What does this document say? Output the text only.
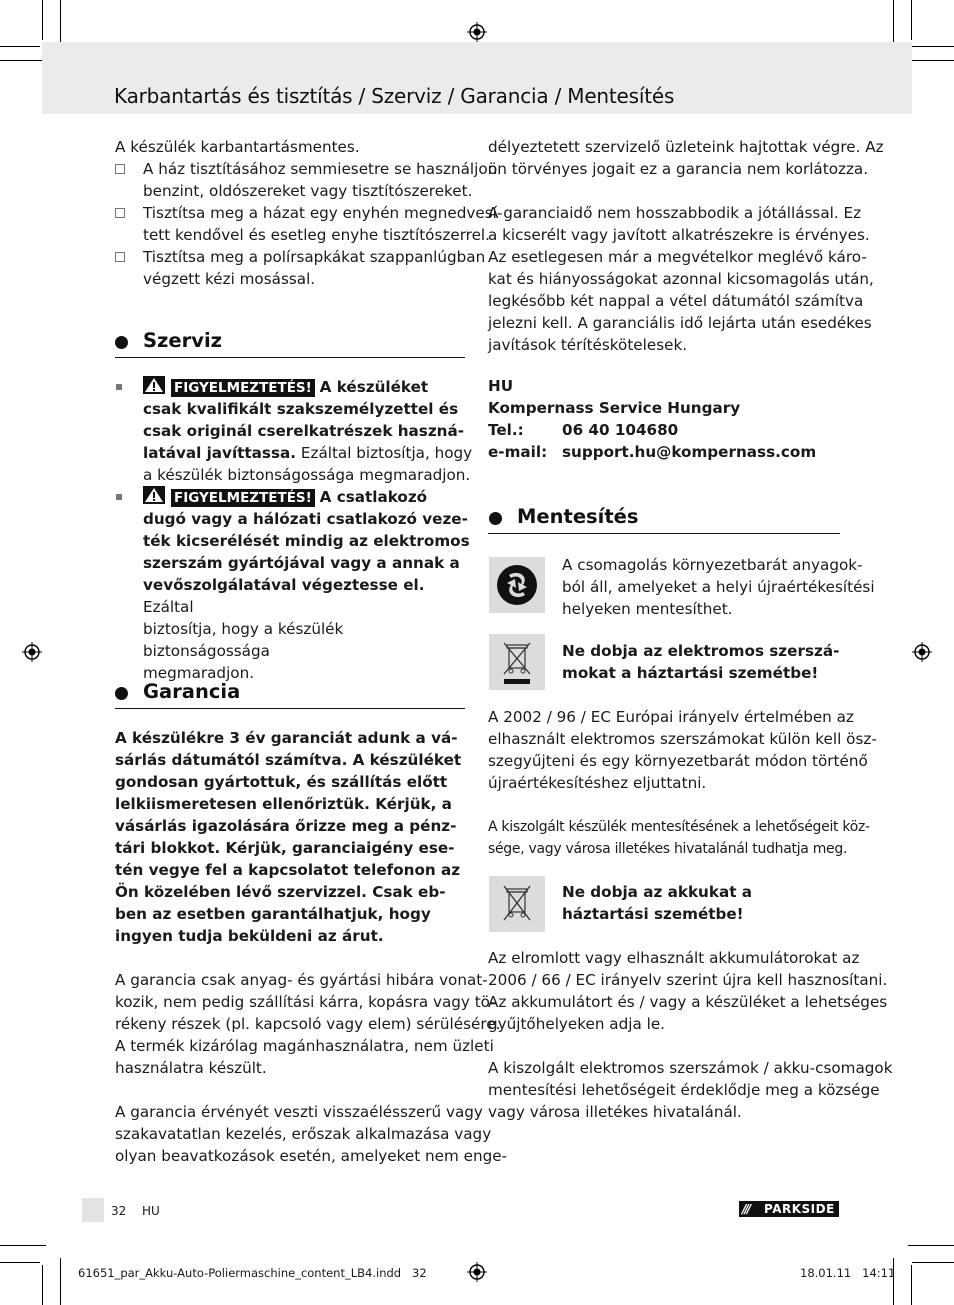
Karbantartás és tisztítás / Szerviz / Garancia / Mentesítés
A készülék karbantartásmentes.
A ház tisztításához semmiesetre se használjon
benzint, oldószereket vagy tisztítószereket.
Tisztítsa meg a házat egy enyhén megnedvesí-
tett kendővel és esetleg enyhe tisztítószerrel.
Tisztítsa meg a polírsapkákat szappanlúgban
végzett kézi mosással.
Szerviz
FIGYELMEZTETÉS! A készüléket
csak kvalifikált szakszemélyzettel és
csak originál cserelkatrészek haszná-
latával javíttassa. Ezáltal biztosítja, hogy
a készülék biztonságossága megmaradjon.
FIGYELMEZTETÉS! A csatlakozó
dugó vagy a hálózati csatlakozó veze-
ték kicserélését mindig az elektromos
szerszám gyártójával vagy a annak a
vevőszolgálatával végeztesse el. Ezáltal
biztosítja, hogy a készülék biztonságossága
megmaradjon.
Garancia
A készülékre 3 év garanciát adunk a vá-
sárlás dátumától számítva. A készüléket
gondosan gyártottuk, és szállítás előtt
lelkiismeretesen ellenőriztük. Kérjük, a
vásárlás igazolására őrizze meg a pénz-
tári blokkot. Kérjük, garanciaigény ese-
tén vegye fel a kapcsolatot telefonon az
Ön közelében lévő szervizzel. Csak eb-
ben az esetben garantálhatjuk, hogy
ingyen tudja beküldeni az árut.
A garancia csak anyag- és gyártási hibára vonat-
kozik, nem pedig szállítási kárra, kopásra vagy tö-
rékeny részek (pl. kapcsoló vagy elem) sérülésére.
A termék kizárólag magánhasználatra, nem üzleti
használatra készült.
A garancia érvényét veszti visszaélésszerű vagy
szakavatatlan kezelés, erőszak alkalmazása vagy
olyan beavatkozások esetén, amelyeket nem enge-
délyeztetett szervizelő üzleteink hajtottak végre. Az
ön törvényes jogait ez a garancia nem korlátozza.
A garanciaidő nem hosszabbodik a jótállással. Ez
a kicserélt vagy javított alkatrészekre is érvényes.
Az esetlegesen már a megvételkor meglévő káro-
kat és hiányosságokat azonnal kicsomagolás után,
legkésőbb két nappal a vétel dátumától számítva
jelezni kell. A garanciális idő lejárta után esedékes
javítások térítéskötelesek.
HU
Kompernass Service Hungary
Tel.:	06 40 104680
e-mail: support.hu@kompernass.com
Mentesítés
A csomagolás környezetbarát anyagok-
ból áll, amelyeket a helyi újraértékesítési
helyeken mentesíthet.
Ne dobja az elektromos szerszá-
mokat a háztartási szemétbe!
A 2002 / 96 / EC Európai irányelv értelmében az
elhasznált elektromos szerszámokat külön kell ösz-
szegyűjteni és egy környezetbarát módon történő
újraértékesítéshez eljuttatni.
A kiszolgált készülék mentesítésének a lehetőségeit köz-
sége, vagy városa illetékes hivatalánál tudhatja meg.
Ne dobja az akkukat a
háztartási szemétbe!
Az elromlott vagy elhasznált akkumulátorokat az
2006 / 66 / EC irányelv szerint újra kell hasznosítani.
Az akkumulátort és / vagy a készüléket a lehetséges
gyűjtőhelyeken adja le.
A kiszolgált elektromos szerszámok / akku-csomagok
mentesítési lehetőségeit érdeklődje meg a községe
vagy városa illetékes hivatalánál.
32 HU	/// PARKSIDE
61651_par_Akku-Auto-Poliermaschine_content_LB4.indd   32	18.01.11   14:11
